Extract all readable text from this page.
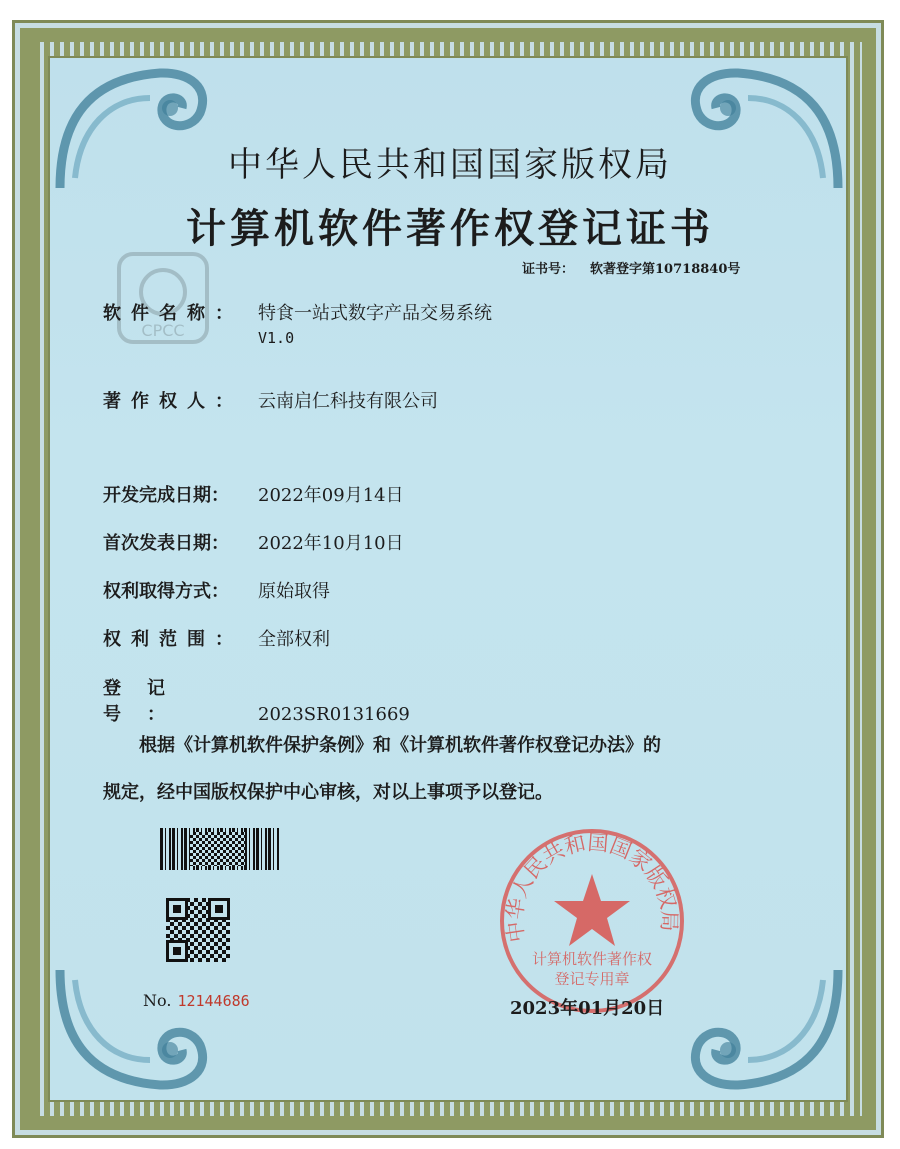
CPCC
中华人民共和国国家版权局
计算机软件著作权登记证书
证书号： 软著登字第10718840号
软件名称： 特食一站式数字产品交易系统
V1.0
著作权人： 云南启仁科技有限公司
开发完成日期： 2022年09月14日
首次发表日期： 2022年10月10日
权利取得方式： 原始取得
权利范围： 全部权利
登记号：	2023SR0131669
根据《计算机软件保护条例》和《计算机软件著作权登记办法》的
规定，经中国版权保护中心审核，对以上事项予以登记。
No. 12144686
中华人民共和国国家版权局
计算机软件著作权
登记专用章
2023年01月20日
